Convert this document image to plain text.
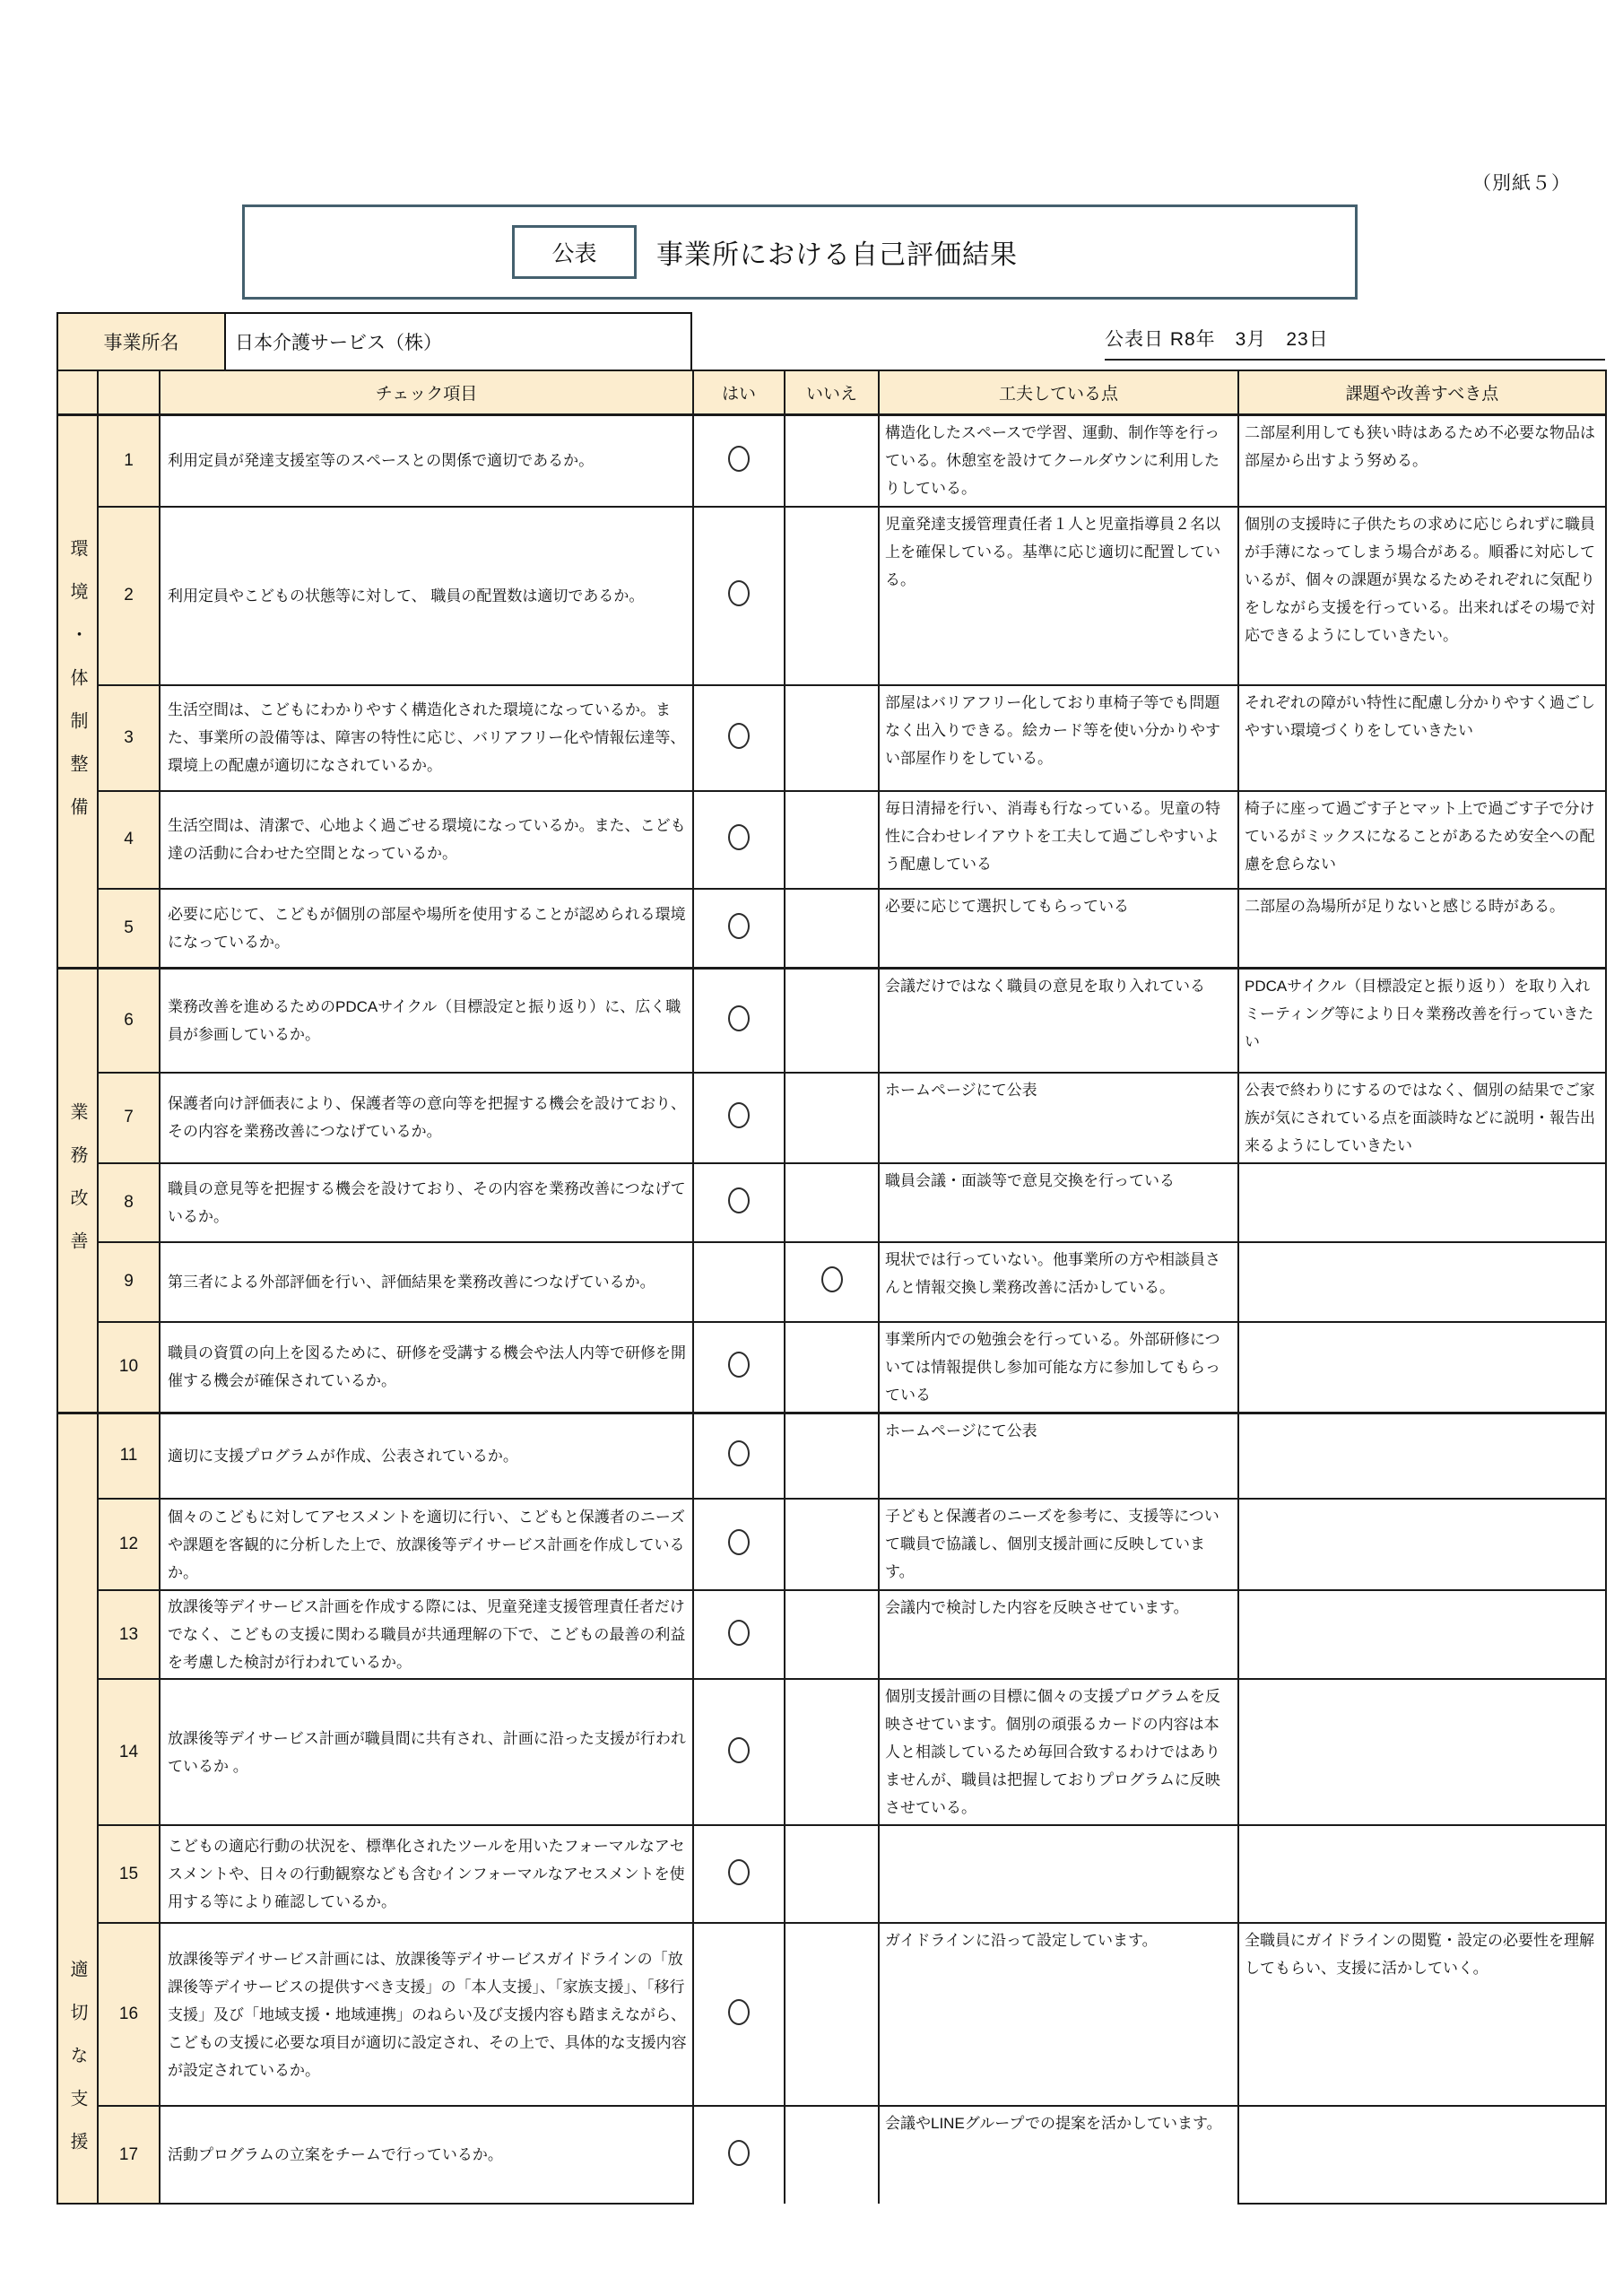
（別紙５）
公表	事業所における自己評価結果
事業所名	日本介護サービス（株）	公表日 R8年　3月　23日
		チェック項目	はい	いいえ	工夫している点	課題や改善すべき点
環境・体制整備	1	利用定員が発達支援室等のスペースとの関係で適切であるか。			構造化したスペースで学習、運動、制作等を行っている。休憩室を設けてクールダウンに利用したりしている。	二部屋利用しても狭い時はあるため不必要な物品は部屋から出すよう努める。
	2	利用定員やこどもの状態等に対して、 職員の配置数は適切であるか。			児童発達支援管理責任者１人と児童指導員２名以上を確保している。基準に応じ適切に配置している。	個別の支援時に子供たちの求めに応じられずに職員が手薄になってしまう場合がある。順番に対応しているが、個々の課題が異なるためそれぞれに気配りをしながら支援を行っている。出来ればその場で対応できるようにしていきたい。
	3	生活空間は、こどもにわかりやすく構造化された環境になっているか。また、事業所の設備等は、障害の特性に応じ、バリアフリー化や情報伝達等、環境上の配慮が適切になされているか。			部屋はバリアフリー化しており車椅子等でも問題なく出入りできる。絵カード等を使い分かりやすい部屋作りをしている。	それぞれの障がい特性に配慮し分かりやすく過ごしやすい環境づくりをしていきたい
	4	生活空間は、清潔で、心地よく過ごせる環境になっているか。また、こども達の活動に合わせた空間となっているか。			毎日清掃を行い、消毒も行なっている。児童の特性に合わせレイアウトを工夫して過ごしやすいよう配慮している	椅子に座って過ごす子とマット上で過ごす子で分けているがミックスになることがあるため安全への配慮を怠らない
	5	必要に応じて、こどもが個別の部屋や場所を使用することが認められる環境になっているか。			必要に応じて選択してもらっている	二部屋の為場所が足りないと感じる時がある。
業務改善	6	業務改善を進めるためのPDCAサイクル（目標設定と振り返り）に、広く職員が参画しているか。			会議だけではなく職員の意見を取り入れている	PDCAサイクル（目標設定と振り返り）を取り入れミーティング等により日々業務改善を行っていきたい
	7	保護者向け評価表により、保護者等の意向等を把握する機会を設けており、その内容を業務改善につなげているか。			ホームページにて公表	公表で終わりにするのではなく、個別の結果でご家族が気にされている点を面談時などに説明・報告出来るようにしていきたい
	8	職員の意見等を把握する機会を設けており、その内容を業務改善につなげているか。			職員会議・面談等で意見交換を行っている	
	9	第三者による外部評価を行い、評価結果を業務改善につなげているか。			現状では行っていない。他事業所の方や相談員さんと情報交換し業務改善に活かしている。	
	10	職員の資質の向上を図るために、研修を受講する機会や法人内等で研修を開催する機会が確保されているか。			事業所内での勉強会を行っている。外部研修については情報提供し参加可能な方に参加してもらっている	
適切な支援	11	適切に支援プログラムが作成、公表されているか。			ホームページにて公表	
	12	個々のこどもに対してアセスメントを適切に行い、こどもと保護者のニーズや課題を客観的に分析した上で、放課後等デイサービス計画を作成しているか。			子どもと保護者のニーズを参考に、支援等について職員で協議し、個別支援計画に反映しています。	
	13	放課後等デイサービス計画を作成する際には、児童発達支援管理責任者だけでなく、こどもの支援に関わる職員が共通理解の下で、こどもの最善の利益を考慮した検討が行われているか。			会議内で検討した内容を反映させています。	
	14	放課後等デイサービス計画が職員間に共有され、計画に沿った支援が行われているか 。			個別支援計画の目標に個々の支援プログラムを反映させています。個別の頑張るカードの内容は本人と相談しているため毎回合致するわけではありませんが、職員は把握しておりプログラムに反映させている。	
	15	こどもの適応行動の状況を、標準化されたツールを用いたフォーマルなアセスメントや、日々の行動観察なども含むインフォーマルなアセスメントを使用する等により確認しているか。				
	16	放課後等デイサービス計画には、放課後等デイサービスガイドラインの「放課後等デイサービスの提供すべき支援」の「本人支援」、「家族支援」、「移行支援」及び「地域支援・地域連携」のねらい及び支援内容も踏まえながら、こどもの支援に必要な項目が適切に設定され、その上で、具体的な支援内容が設定されているか。			ガイドラインに沿って設定しています。	全職員にガイドラインの閲覧・設定の必要性を理解してもらい、支援に活かしていく。
	17	活動プログラムの立案をチームで行っているか。			会議やLINEグループでの提案を活かしています。	
